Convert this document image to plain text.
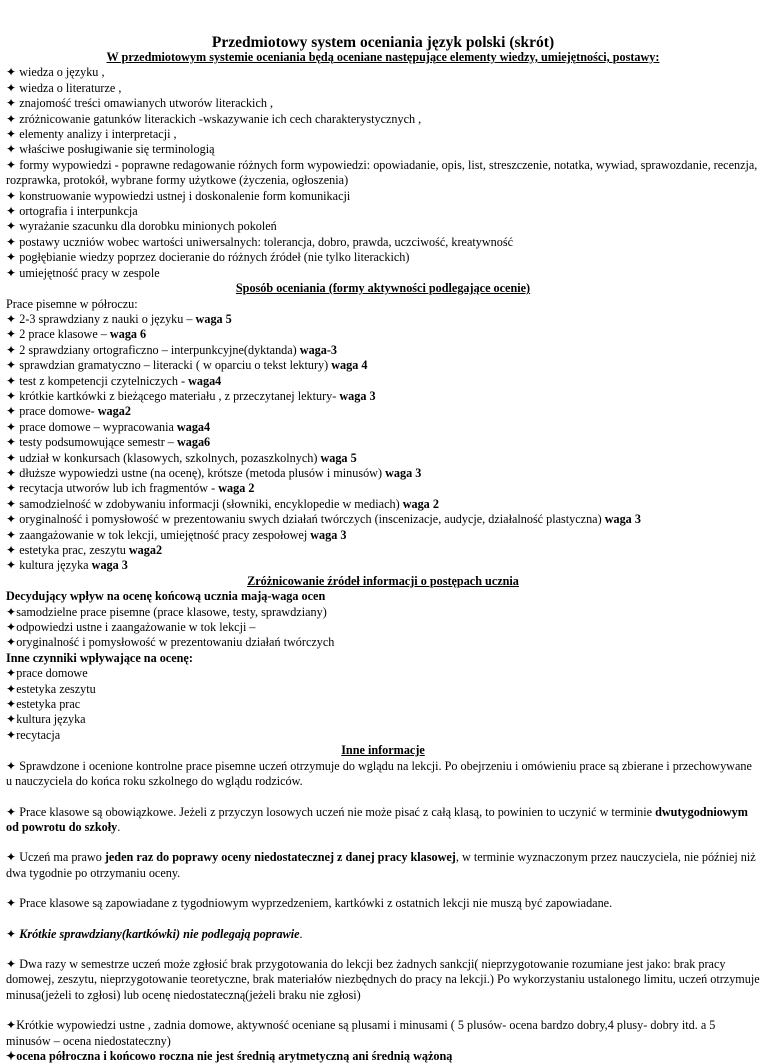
Przedmiotowy system oceniania język polski (skrót)
W przedmiotowym systemie oceniania będą oceniane następujące elementy wiedzy, umiejętności, postawy:
✦ wiedza o języku ,
✦ wiedza o literaturze ,
✦ znajomość treści omawianych utworów literackich ,
✦ zróżnicowanie gatunków literackich -wskazywanie ich cech charakterystycznych ,
✦ elementy analizy i interpretacji ,
✦ właściwe posługiwanie się terminologią
✦ formy wypowiedzi - poprawne redagowanie różnych form wypowiedzi: opowiadanie, opis, list, streszczenie, notatka, wywiad, sprawozdanie, recenzja, rozprawka, protokół, wybrane formy użytkowe (życzenia, ogłoszenia)
✦ konstruowanie wypowiedzi ustnej i doskonalenie form komunikacji
✦ ortografia i interpunkcja
✦ wyrażanie szacunku dla dorobku minionych pokoleń
✦ postawy uczniów wobec wartości uniwersalnych: tolerancja, dobro, prawda, uczciwość, kreatywność
✦ pogłębianie wiedzy poprzez docieranie do różnych źródeł (nie tylko literackich)
✦ umiejętność pracy w zespole
Sposób oceniania (formy aktywności podlegające ocenie)
Prace pisemne w półroczu:
✦ 2-3 sprawdziany z nauki o języku – waga 5
✦ 2 prace klasowe – waga 6
✦ 2 sprawdziany ortograficzno – interpunkcyjne(dyktanda) waga-3
✦ sprawdzian gramatyczno – literacki ( w oparciu o tekst lektury) waga 4
✦ test z kompetencji czytelniczych - waga4
✦ krótkie kartkówki z bieżącego materiału , z przeczytanej lektury- waga 3
✦ prace domowe- waga2
✦ prace domowe – wypracowania waga4
✦ testy podsumowujące semestr – waga6
✦ udział w konkursach (klasowych, szkolnych, pozaszkolnych) waga 5
✦ dłuższe wypowiedzi ustne (na ocenę), krótsze (metoda plusów i minusów) waga 3
✦ recytacja utworów lub ich fragmentów - waga 2
✦ samodzielność w zdobywaniu informacji (słowniki, encyklopedie w mediach) waga 2
✦ oryginalność i pomysłowość w prezentowaniu swych działań twórczych (inscenizacje, audycje, działalność plastyczna) waga 3
✦ zaangażowanie w tok lekcji, umiejętność pracy zespołowej waga 3
✦ estetyka prac, zeszytu waga2
✦ kultura języka waga 3
Zróżnicowanie źródeł informacji o postępach ucznia
Decydujący wpływ na ocenę końcową ucznia mają-waga ocen
✦samodzielne prace pisemne (prace klasowe, testy, sprawdziany)
✦odpowiedzi ustne i zaangażowanie w tok lekcji –
✦oryginalność i pomysłowość w prezentowaniu działań twórczych
Inne czynniki wpływające na ocenę:
✦prace domowe
✦estetyka zeszytu
✦estetyka prac
✦kultura języka
✦recytacja
Inne informacje
✦ Sprawdzone i ocenione kontrolne prace pisemne uczeń otrzymuje do wglądu na lekcji. Po obejrzeniu i omówieniu prace są zbierane i przechowywane u nauczyciela do końca roku szkolnego do wglądu rodziców.
✦ Prace klasowe są obowiązkowe. Jeżeli z przyczyn losowych uczeń nie może pisać z całą klasą, to powinien to uczynić w terminie dwutygodniowym od powrotu do szkoły.
✦ Uczeń ma prawo jeden raz do poprawy oceny niedostatecznej z danej pracy klasowej, w terminie wyznaczonym przez nauczyciela, nie później niż dwa tygodnie po otrzymaniu oceny.
✦ Prace klasowe są zapowiadane z tygodniowym wyprzedzeniem, kartkówki z ostatnich lekcji nie muszą być zapowiadane.
✦ Krótkie sprawdziany(kartkówki) nie podlegają poprawie.
✦ Dwa razy w semestrze uczeń może zgłosić brak przygotowania do lekcji bez żadnych sankcji( nieprzygotowanie rozumiane jest jako: brak pracy domowej, zeszytu, nieprzygotowanie teoretyczne, brak materiałów niezbędnych do pracy na lekcji.) Po wykorzystaniu ustalonego limitu, uczeń otrzymuje minusa(jeżeli to zgłosi) lub ocenę niedostateczną(jeżeli braku nie zgłosi)
✦Krótkie wypowiedzi ustne , zadnia domowe, aktywność oceniane są plusami i minusami ( 5 plusów- ocena bardzo dobry,4 plusy- dobry itd. a 5 minusów – ocena niedostateczny)
✦ocena półroczna i końcowo roczna nie jest średnią arytmetyczną ani średnią wążoną
